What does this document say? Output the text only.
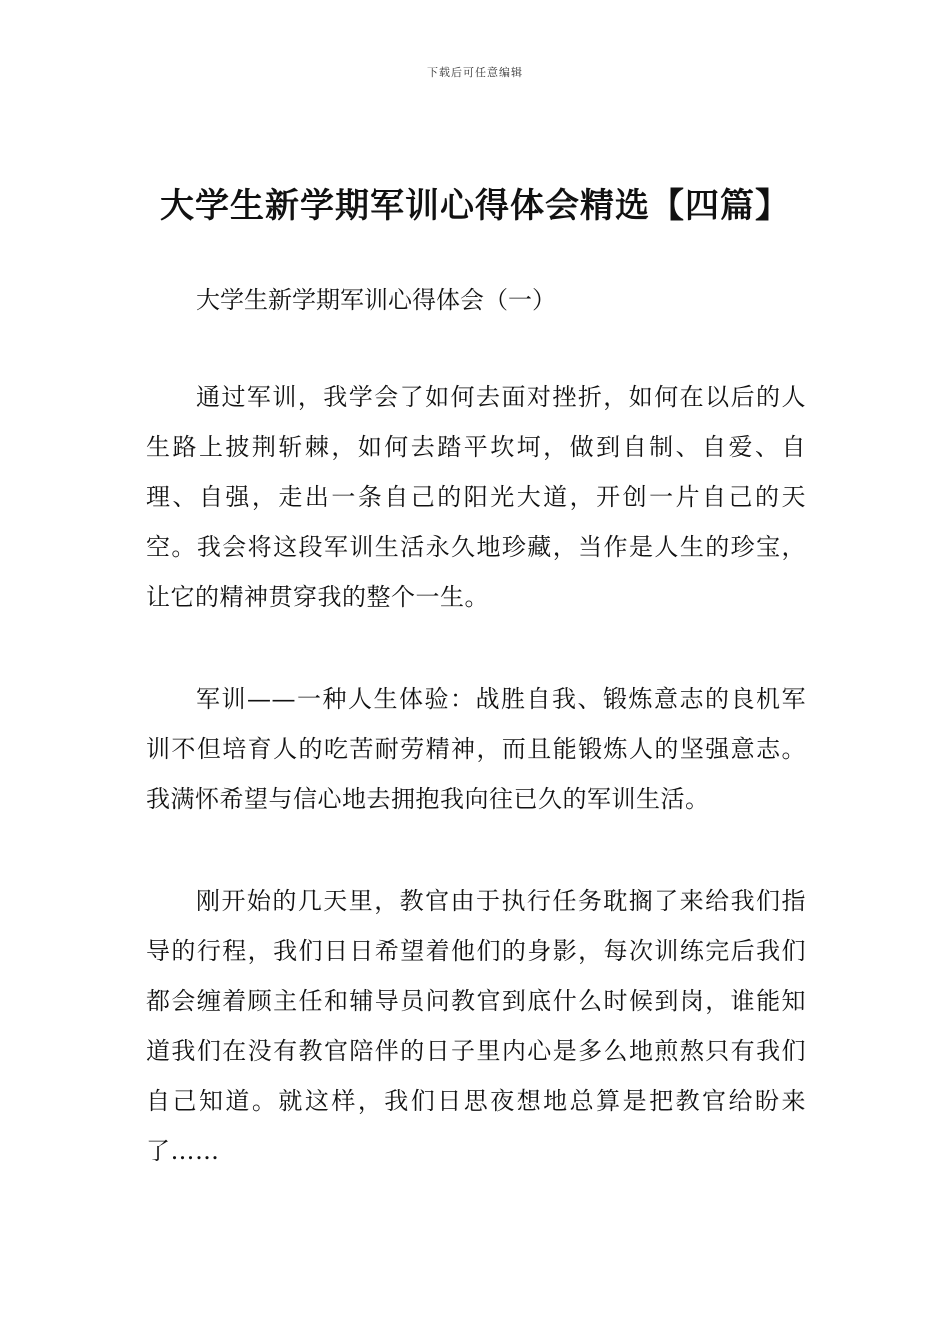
下载后可任意编辑
大学生新学期军训心得体会精选【四篇】

大学生新学期军训心得体会（一）

通过军训，我学会了如何去面对挫折，如何在以后的人生路上披荆斩棘，如何去踏平坎坷，做到自制、自爱、自理、自强，走出一条自己的阳光大道，开创一片自己的天空。我会将这段军训生活永久地珍藏，当作是人生的珍宝，让它的精神贯穿我的整个一生。

军训——一种人生体验：战胜自我、锻炼意志的良机军训不但培育人的吃苦耐劳精神，而且能锻炼人的坚强意志。我满怀希望与信心地去拥抱我向往已久的军训生活。

刚开始的几天里，教官由于执行任务耽搁了来给我们指导的行程，我们日日希望着他们的身影，每次训练完后我们都会缠着顾主任和辅导员问教官到底什么时候到岗，谁能知道我们在没有教官陪伴的日子里内心是多么地煎熬只有我们自己知道。就这样，我们日思夜想地总算是把教官给盼来了……
